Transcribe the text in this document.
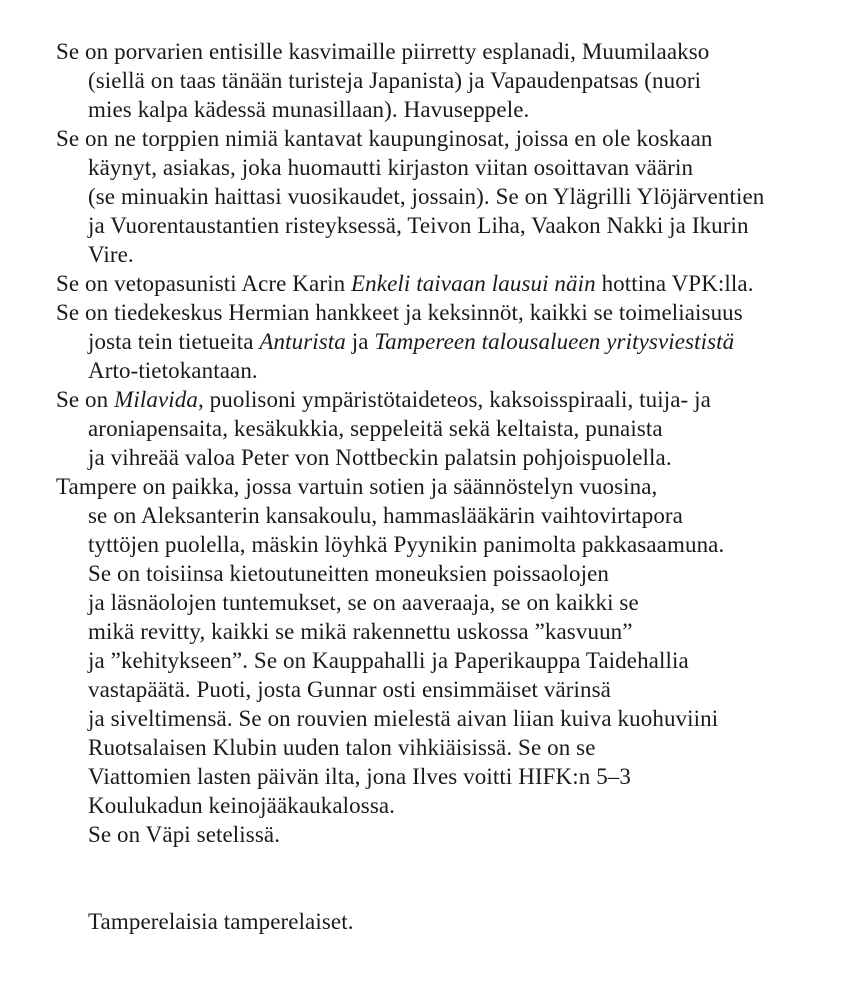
Se on porvarien entisille kasvimaille piirretty esplanadi, Muumilaakso
(siellä on taas tänään turisteja Japanista) ja Vapaudenpatsas (nuori
mies kalpa kädessä munasillaan). Havuseppele.
Se on ne torppien nimiä kantavat kaupunginosat, joissa en ole koskaan
käynyt, asiakas, joka huomautti kirjaston viitan osoittavan väärin
(se minuakin haittasi vuosikaudet, jossain). Se on Ylägrilli Ylöjärventien
ja Vuorentaustantien risteyksessä, Teivon Liha, Vaakon Nakki ja Ikurin
Vire.
Se on vetopasunisti Acre Karin Enkeli taivaan lausui näin hottina VPK:lla.
Se on tiedekeskus Hermian hankkeet ja keksinnöt, kaikki se toimeliaisuus
josta tein tietueita Anturista ja Tampereen talousalueen yritysviestistä
Arto-tietokantaan.
Se on Milavida, puolisoni ympäristötaideteos, kaksoisspiraali, tuija- ja
aroniapensaita, kesäkukkia, seppeleitä sekä keltaista, punaista
ja vihreää valoa Peter von Nottbeckin palatsin pohjoispuolella.
Tampere on paikka, jossa vartuin sotien ja säännöstelyn vuosina,
se on Aleksanterin kansakoulu, hammaslääkärin vaihtovirtapora
tyttöjen puolella, mäskin löyhkä Pyynikin panimolta pakkasaamuna.
Se on toisiinsa kietoutuneitten moneuksien poissaolojen
ja läsnäolojen tuntemukset, se on aaveraaja, se on kaikki se
mikä revitty, kaikki se mikä rakennettu uskossa ”kasvuun”
ja ”kehitykseen”. Se on Kauppahalli ja Paperikauppa Taidehallia
vastapäätä. Puoti, josta Gunnar osti ensimmäiset värinsä
ja siveltimensä. Se on rouvien mielestä aivan liian kuiva kuohuviini
Ruotsalaisen Klubin uuden talon vihkiäisissä. Se on se
Viattomien lasten päivän ilta, jona Ilves voitti HIFK:n 5–3
Koulukadun keinojääkaukalossa.
Se on Väpi setelissä.
Tamperelaisia tamperelaiset.
